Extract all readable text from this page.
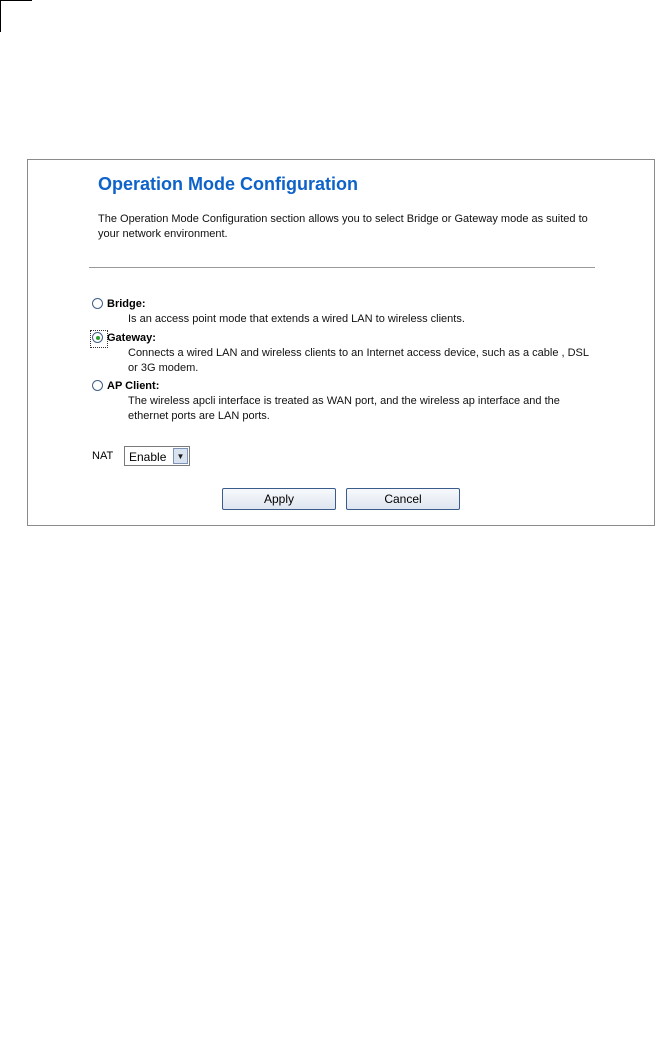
Operation Mode Configuration
The Operation Mode Configuration section allows you to select Bridge or Gateway mode as suited to your network environment.
Bridge:
Is an access point mode that extends a wired LAN to wireless clients.
Gateway:
Connects a wired LAN and wireless clients to an Internet access device, such as a cable , DSL or 3G modem.
AP Client:
The wireless apcli interface is treated as WAN port, and the wireless ap interface and the ethernet ports are LAN ports.
NAT Enable	▼
Apply	Cancel
